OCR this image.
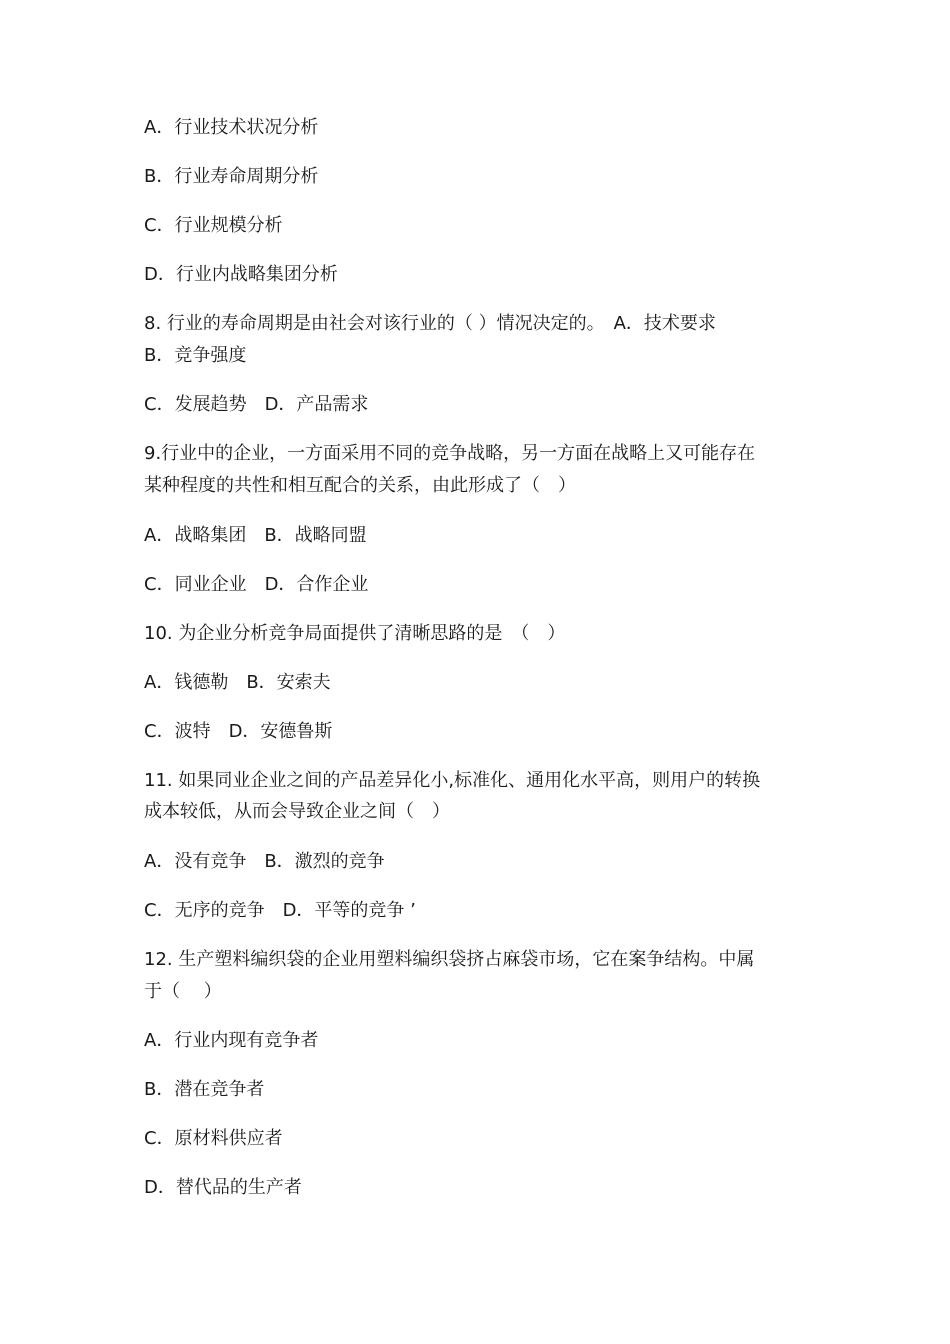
A．行业技术状况分析
B．行业寿命周期分析
C．行业规模分析
D．行业内战略集团分析
8. 行业的寿命周期是由社会对该行业的（ ）情况决定的。　A．技术要求
B．竞争强度
C．发展趋势　D．产品需求
9.行业中的企业，一方面采用不同的竞争战略，另一方面在战略上又可能存在
某种程度的共性和相互配合的关系，由此形成了（　）
A．战略集团　B．战略同盟
C．同业企业　D．合作企业
10. 为企业分析竞争局面提供了清晰思路的是　（　）
A．钱德勒　B．安索夫
C．波特　D．安德鲁斯
11. 如果同业企业之间的产品差异化小,标准化、通用化水平高，则用户的转换
成本较低，从而会导致企业之间（　）
A．没有竞争　B．激烈的竞争
C．无序的竞争　D．平等的竞争 ’
12. 生产塑料编织袋的企业用塑料编织袋挤占麻袋市场，它在案争结构。中属
于（　 ）
A．行业内现有竞争者
B．潜在竞争者
C．原材料供应者
D．替代品的生产者
